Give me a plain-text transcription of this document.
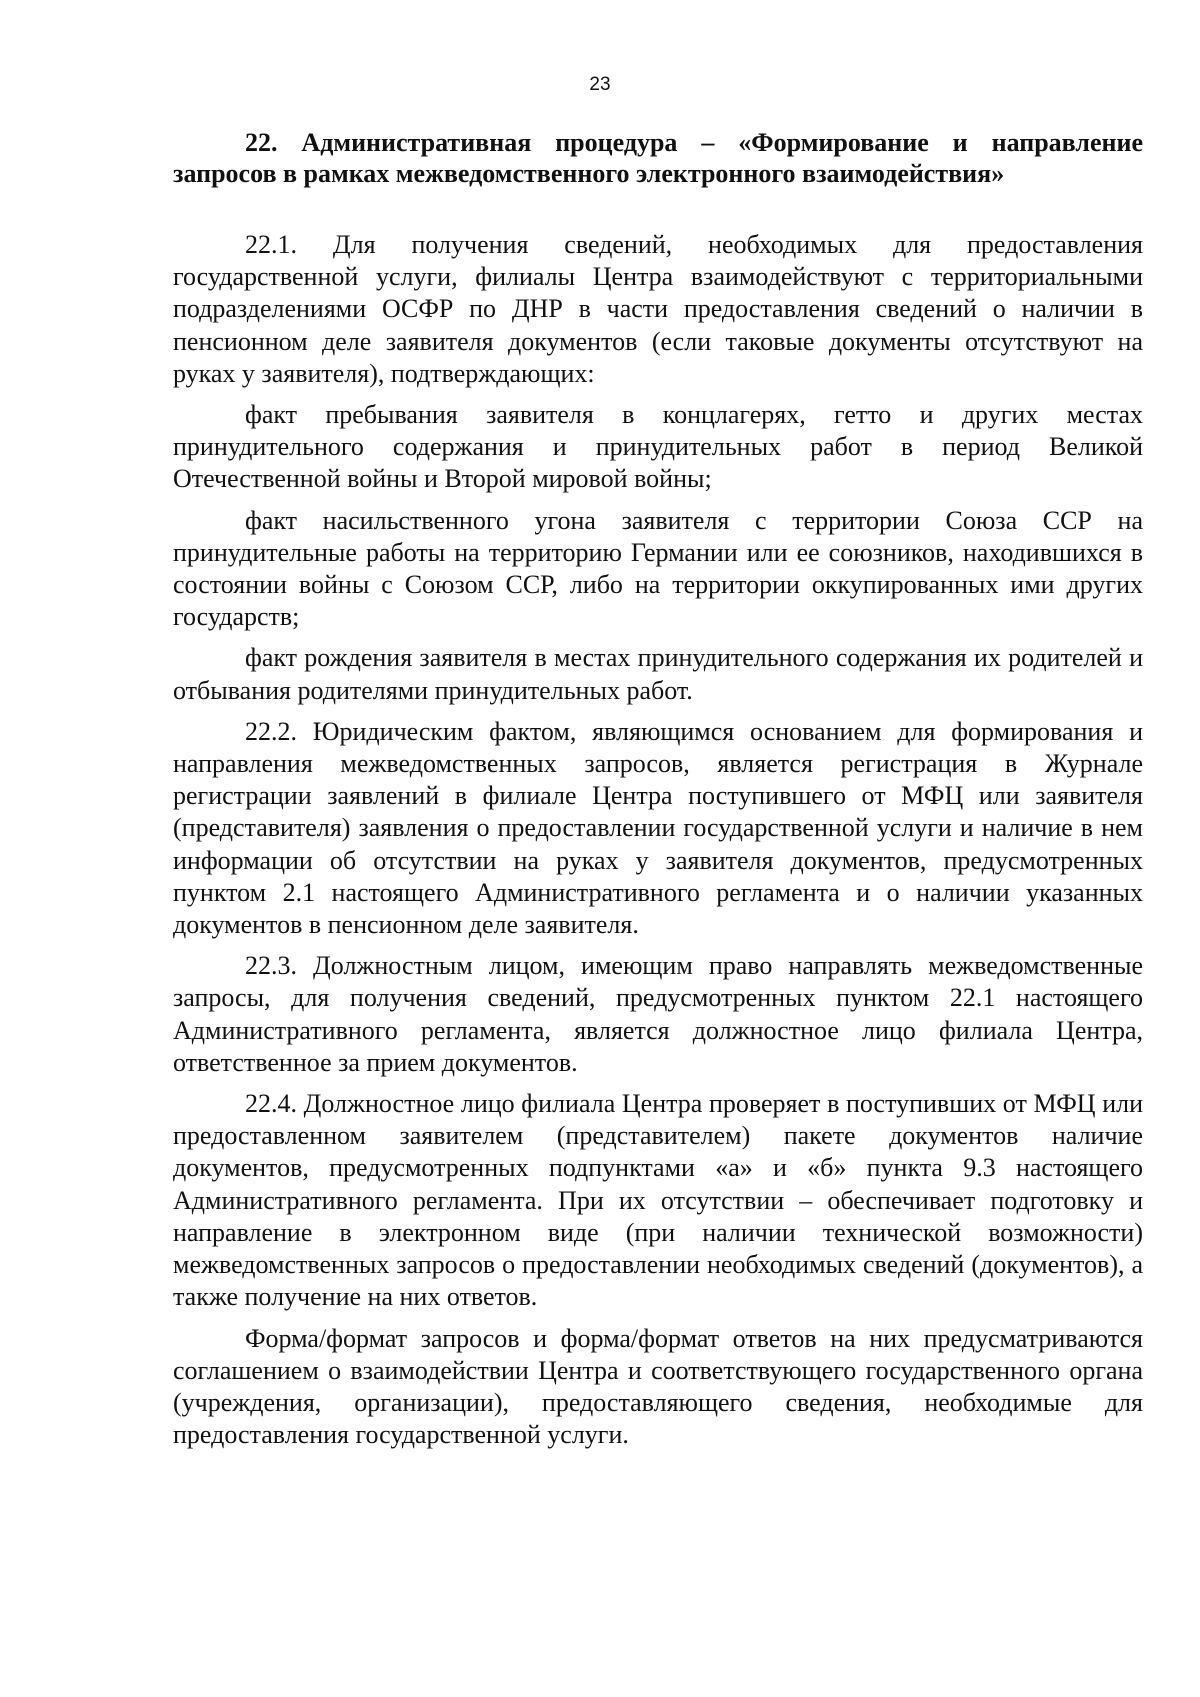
23

22. Административная процедура – «Формирование и направление запросов в рамках межведомственного электронного взаимодействия»

22.1. Для получения сведений, необходимых для предоставления государственной услуги, филиалы Центра взаимодействуют с территориальными подразделениями ОСФР по ДНР в части предоставления сведений о наличии в пенсионном деле заявителя документов (если таковые документы отсутствуют на руках у заявителя), подтверждающих:

факт пребывания заявителя в концлагерях, гетто и других местах принудительного содержания и принудительных работ в период Великой Отечественной войны и Второй мировой войны;

факт насильственного угона заявителя с территории Союза ССР на принудительные работы на территорию Германии или ее союзников, находившихся в состоянии войны с Союзом ССР, либо на территории оккупированных ими других государств;

факт рождения заявителя в местах принудительного содержания их родителей и отбывания родителями принудительных работ.

22.2. Юридическим фактом, являющимся основанием для формирования и направления межведомственных запросов, является регистрация в Журнале регистрации заявлений в филиале Центра поступившего от МФЦ или заявителя (представителя) заявления о предоставлении государственной услуги и наличие в нем информации об отсутствии на руках у заявителя документов, предусмотренных пунктом 2.1 настоящего Административного регламента и о наличии указанных документов в пенсионном деле заявителя.

22.3. Должностным лицом, имеющим право направлять межведомственные запросы, для получения сведений, предусмотренных пунктом 22.1 настоящего Административного регламента, является должностное лицо филиала Центра, ответственное за прием документов.

22.4. Должностное лицо филиала Центра проверяет в поступивших от МФЦ или предоставленном заявителем (представителем) пакете документов наличие документов, предусмотренных подпунктами «а» и «б» пункта 9.3 настоящего Административного регламента. При их отсутствии – обеспечивает подготовку и направление в электронном виде (при наличии технической возможности) межведомственных запросов о предоставлении необходимых сведений (документов), а также получение на них ответов.

Форма/формат запросов и форма/формат ответов на них предусматриваются соглашением о взаимодействии Центра и соответствующего государственного органа (учреждения, организации), предоставляющего сведения, необходимые для предоставления государственной услуги.
